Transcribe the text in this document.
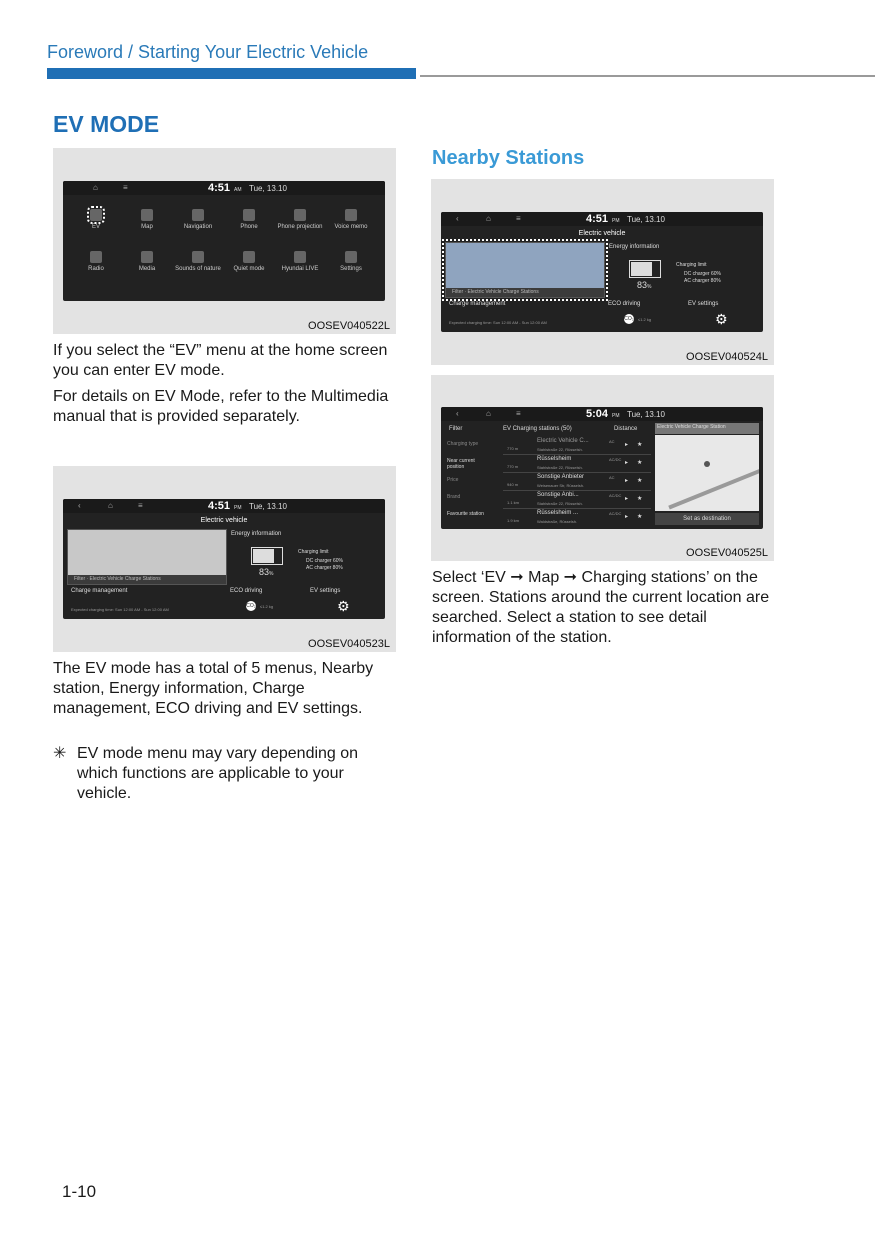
Foreword / Starting Your Electric Vehicle
EV MODE
Nearby Stations
⌂	≡	4:51 AM Tue, 13.10
EV	Map	Navigation	Phone	Phone projection	Voice memo
Radio	Media	Sounds of nature	Quiet mode	Hyundai LIVE	Settings
OOSEV040522L
If you select the “EV” menu at the home screen you can enter EV mode.
For details on EV Mode, refer to the Multimedia manual that is provided separately.
‹	⌂	≡	4:51 PM Tue, 13.10
Electric vehicle
Filter · Electric Vehicle Charge Stations
Energy information
83%
Charging limit
DC charger 60%
AC charger 80%
Charge management
Expected charging time: Sun 12:00 AM - Sun 12:00 AM
ECO driving
CO₂ ≤1.2 kg
EV settings
⚙
OOSEV040523L
The EV mode has a total of 5 menus, Nearby station, Energy information, Charge management, ECO driving and EV settings.
✳ EV mode menu may vary depending on which functions are applicable to your vehicle.
‹	⌂	≡	4:51 PM Tue, 13.10
Electric vehicle
Filter · Electric Vehicle Charge Stations
Energy information
83%
Charging limit
DC charger 60%
AC charger 80%
Charge management
Expected charging time: Sun 12:00 AM - Sun 12:00 AM
ECO driving
CO₂ ≤1.2 kg
EV settings
⚙
OOSEV040524L
‹	⌂	≡	5:04 PM Tue, 13.10
Filter	EV Charging stations (50)	Distance	Electric Vehicle Charge Station
Charging type
Near current position
Price
Brand
Favourite station
770 m
Electric Vehicle C...	AC
Stahlstraße 22, Rüsselsh.
▸ ★
770 m
Rüsselsheim	AC/DC
Stahlstraße 22, Rüsselsh.
▸ ★
940 m
Sonstige Anbieter	AC
Weisenauer Str, Rüsselsh.
▸ ★
1.1 km
Sonstige Anbi...	AC/DC
Stahlstraße 22, Rüsselsh.
▸ ★
1.9 km
Rüsselsheim ...	AC/DC
Waldstraße, Rüsselsh.
▸ ★	Set as destination
OOSEV040525L
Select ‘EV ➞ Map ➞ Charging stations’ on the screen. Stations around the current location are searched. Select a station to see detail information of the station.
1-10
